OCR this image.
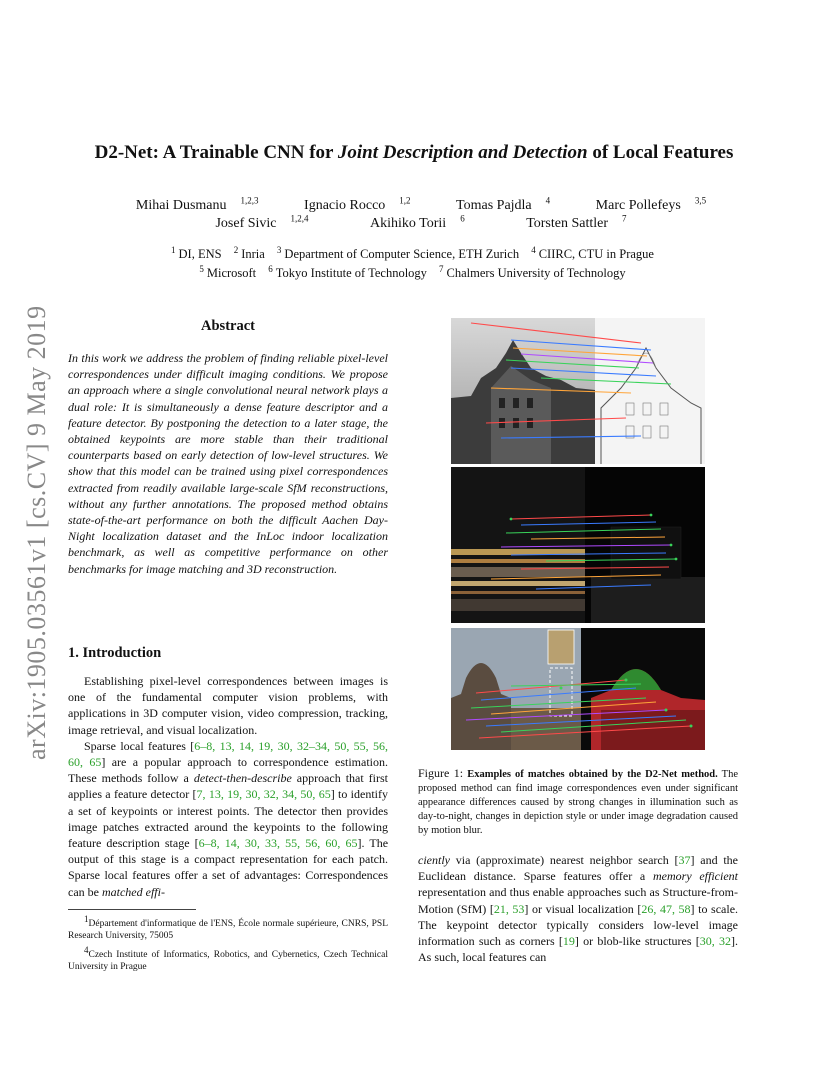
arXiv:1905.03561v1 [cs.CV] 9 May 2019
D2-Net: A Trainable CNN for Joint Description and Detection of Local Features
Mihai Dusmanu $^{1,2,3}$	Ignacio Rocco $^{1,2}$	Tomas Pajdla $^4$	Marc Pollefeys $^{3,5}$
Josef Sivic $^{1,2,4}$	Akihiko Torii $^6$	Torsten Sattler $^7$
$^1$ DI, ENS $^2$ Inria $^3$ Department of Computer Science, ETH Zurich $^4$ CIIRC, CTU in Prague
$^5$ Microsoft $^6$ Tokyo Institute of Technology $^7$ Chalmers University of Technology
Abstract
In this work we address the problem of finding reliable pixel-level correspondences under difficult imaging conditions. We propose an approach where a single convolutional neural network plays a dual role: It is simultaneously a dense feature descriptor and a feature detector. By postponing the detection to a later stage, the obtained keypoints are more stable than their traditional counterparts based on early detection of low-level structures. We show that this model can be trained using pixel correspondences extracted from readily available large-scale SfM reconstructions, without any further annotations. The proposed method obtains state-of-the-art performance on both the difficult Aachen Day-Night localization dataset and the InLoc indoor localization benchmark, as well as competitive performance on other benchmarks for image matching and 3D reconstruction.
1. Introduction

Establishing pixel-level correspondences between images is one of the fundamental computer vision problems, with applications in 3D computer vision, video compression, tracking, image retrieval, and visual localization.

Sparse local features [6–8, 13, 14, 19, 30, 32–34, 50, 55, 56, 60, 65] are a popular approach to correspondence estimation. These methods follow a detect-then-describe approach that first applies a feature detector [7, 13, 19, 30, 32, 34, 50, 65] to identify a set of keypoints or interest points. The detector then provides image patches extracted around the keypoints to the following feature description stage [6–8, 14, 30, 33, 55, 56, 60, 65]. The output of this stage is a compact representation for each patch. Sparse local features offer a set of advantages: Correspondences can be matched effi-

$^1$Département d'informatique de l'ENS, École normale supérieure, CNRS, PSL Research University, 75005
$^4$Czech Institute of Informatics, Robotics, and Cybernetics, Czech Technical University in Prague
Figure 1: Examples of matches obtained by the D2-Net method. The proposed method can find image correspondences even under significant appearance differences caused by strong changes in illumination such as day-to-night, changes in depiction style or under image degradation caused by motion blur.
ciently via (approximate) nearest neighbor search [37] and the Euclidean distance. Sparse features offer a memory efficient representation and thus enable approaches such as Structure-from-Motion (SfM) [21, 53] or visual localization [26, 47, 58] to scale. The keypoint detector typically considers low-level image information such as corners [19] or blob-like structures [30, 32]. As such, local features can
